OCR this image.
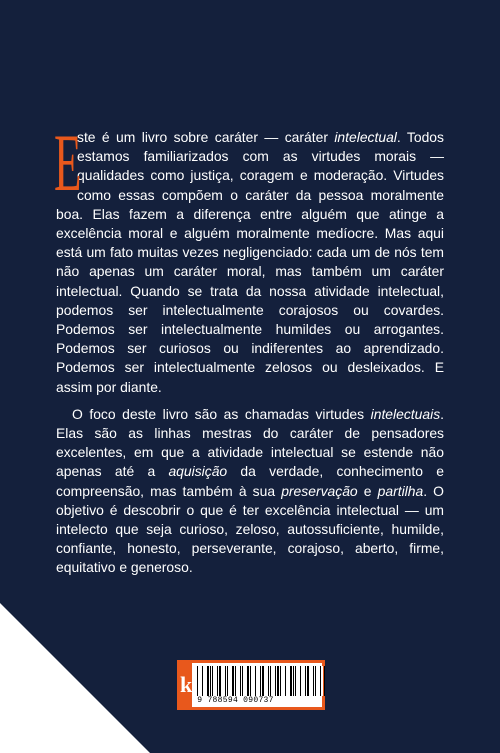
E
ste é um livro sobre caráter — caráter intelectual. Todos estamos familiarizados com as virtudes morais — qualidades como justiça, coragem e moderação. Virtudes como essas compõem o caráter da pessoa moralmente boa. Elas fazem a diferença entre alguém que atinge a excelência moral e alguém moralmente medíocre. Mas aqui está um fato muitas vezes negligenciado: cada um de nós tem não apenas um caráter moral, mas também um caráter intelectual. Quando se trata da nossa atividade intelectual, podemos ser intelectualmente corajosos ou covardes. Podemos ser intelectualmente humildes ou arrogantes. Podemos ser curiosos ou indiferentes ao aprendizado. Podemos ser intelectualmente zelosos ou desleixados. E assim por diante.

O foco deste livro são as chamadas virtudes intelectuais. Elas são as linhas mestras do caráter de pensadores excelentes, em que a atividade intelectual se estende não apenas até a aquisição da verdade, conhecimento e compreensão, mas também à sua preservação e partilha. O objetivo é descobrir o que é ter excelência intelectual — um intelecto que seja curioso, zeloso, autossuficiente, humilde, confiante, honesto, perseverante, corajoso, aberto, firme, equitativo e generoso.

k
9 788594 090737
